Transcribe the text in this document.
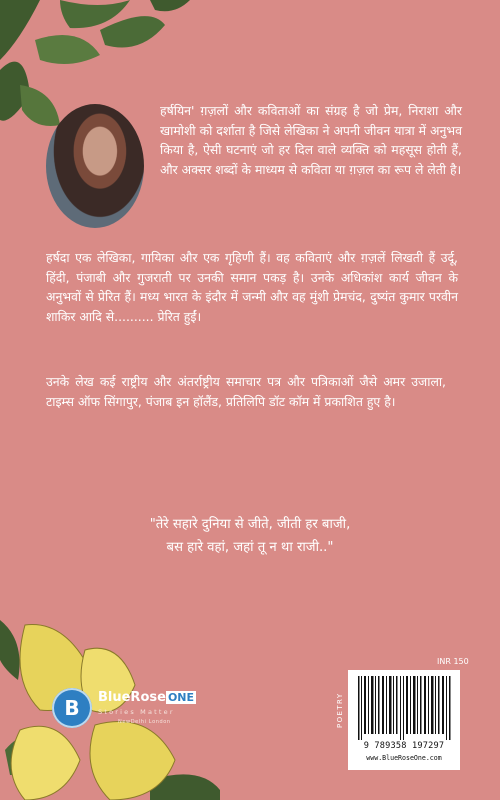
हर्षयिन' ग़ज़लों और कविताओं का संग्रह है जो प्रेम, निराशा और खामोशी को दर्शाता है जिसे लेखिका ने अपनी जीवन यात्रा में अनुभव किया है, ऐसी घटनाएं जो हर दिल वाले व्यक्ति को महसूस होती हैं, और अक्सर शब्दों के माध्यम से कविता या ग़ज़ल का रूप ले लेती है।

हर्षदा एक लेखिका, गायिका और एक गृहिणी हैं। वह कविताएं और ग़ज़लें लिखती हैं उर्दू, हिंदी, पंजाबी और गुजराती पर उनकी समान पकड़ है। उनके अधिकांश कार्य जीवन के अनुभवों से प्रेरित हैं। मध्य भारत के इंदौर में जन्मी और वह मुंशी प्रेमचंद, दुष्यंत कुमार परवीन शाकिर आदि से.......... प्रेरित हुईं।

उनके लेख कई राष्ट्रीय और अंतर्राष्ट्रीय समाचार पत्र और पत्रिकाओं जैसे अमर उजाला, टाइम्स ऑफ सिंगापुर, पंजाब इन हॉलैंड, प्रतिलिपि डॉट कॉम में प्रकाशित हुए है।

"तेरे सहारे दुनिया से जीते, जीती हर बाजी,
बस हारे वहां, जहां तू न था राजी.."
B	BlueRose ONE
Stories Matter
NewDelhi London
INR 150
POETRY
9 789358 197297
www.BlueRoseOne.com
